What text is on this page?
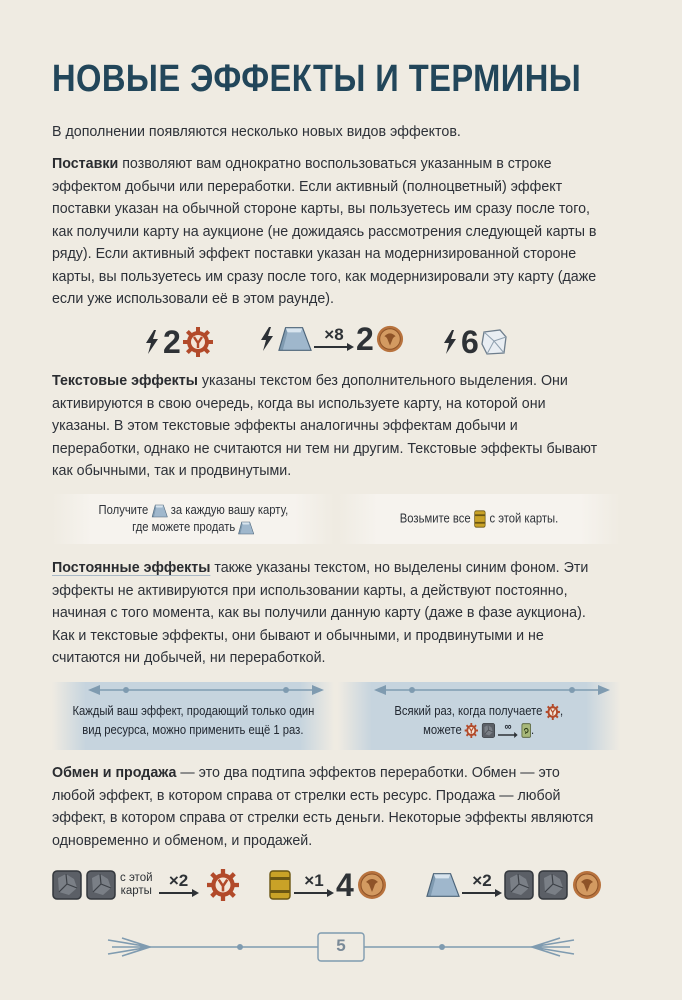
НОВЫЕ ЭФФЕКТЫ И ТЕРМИНЫ

В дополнении появляются несколько новых видов эффектов.

Поставки позволяют вам однократно воспользоваться указанным в строке эффектом добычи или переработки. Если активный (полноцветный) эффект поставки указан на обычной стороне карты, вы пользуетесь им сразу после того, как получили карту на аукционе (не дожидаясь рассмотрения следующей карты в ряду). Если активный эффект поставки указан на модернизированной стороне карты, вы пользуетесь им сразу после того, как модернизировали эту карту (даже если уже использовали её в этом раунде).

2	×8 2	6

Текстовые эффекты указаны текстом без дополнительного выделения. Они активируются в свою очередь, когда вы используете карту, на которой они указаны. В этом текстовые эффекты аналогичны эффектам добычи и переработки, однако не считаются ни тем ни другим. Текстовые эффекты бывают как обычными, так и продвинутыми.

Получите за каждую вашу карту,
где можете продать
Возьмите все с этой карты.

Постоянные эффекты также указаны текстом, но выделены синим фоном. Эти эффекты не активируются при использовании карты, а действуют постоянно, начиная с того момента, как вы получили данную карту (даже в фазе аукциона). Как и текстовые эффекты, они бывают и обычными, и продвинутыми и не считаются ни добычей, ни переработкой.

Каждый ваш эффект, продающий только один
вид ресурса, можно применить ещё 1 раз.
Всякий раз, когда получаете ,
можете	∞ .

Обмен и продажа — это два подтипа эффектов переработки. Обмен — это любой эффект, в котором справа от стрелки есть ресурс. Продажа — любой эффект, в котором справа от стрелки есть деньги. Некоторые эффекты являются одновременно и обменом, и продажей.

с этой
карты
×2	×1 4	×2
5
